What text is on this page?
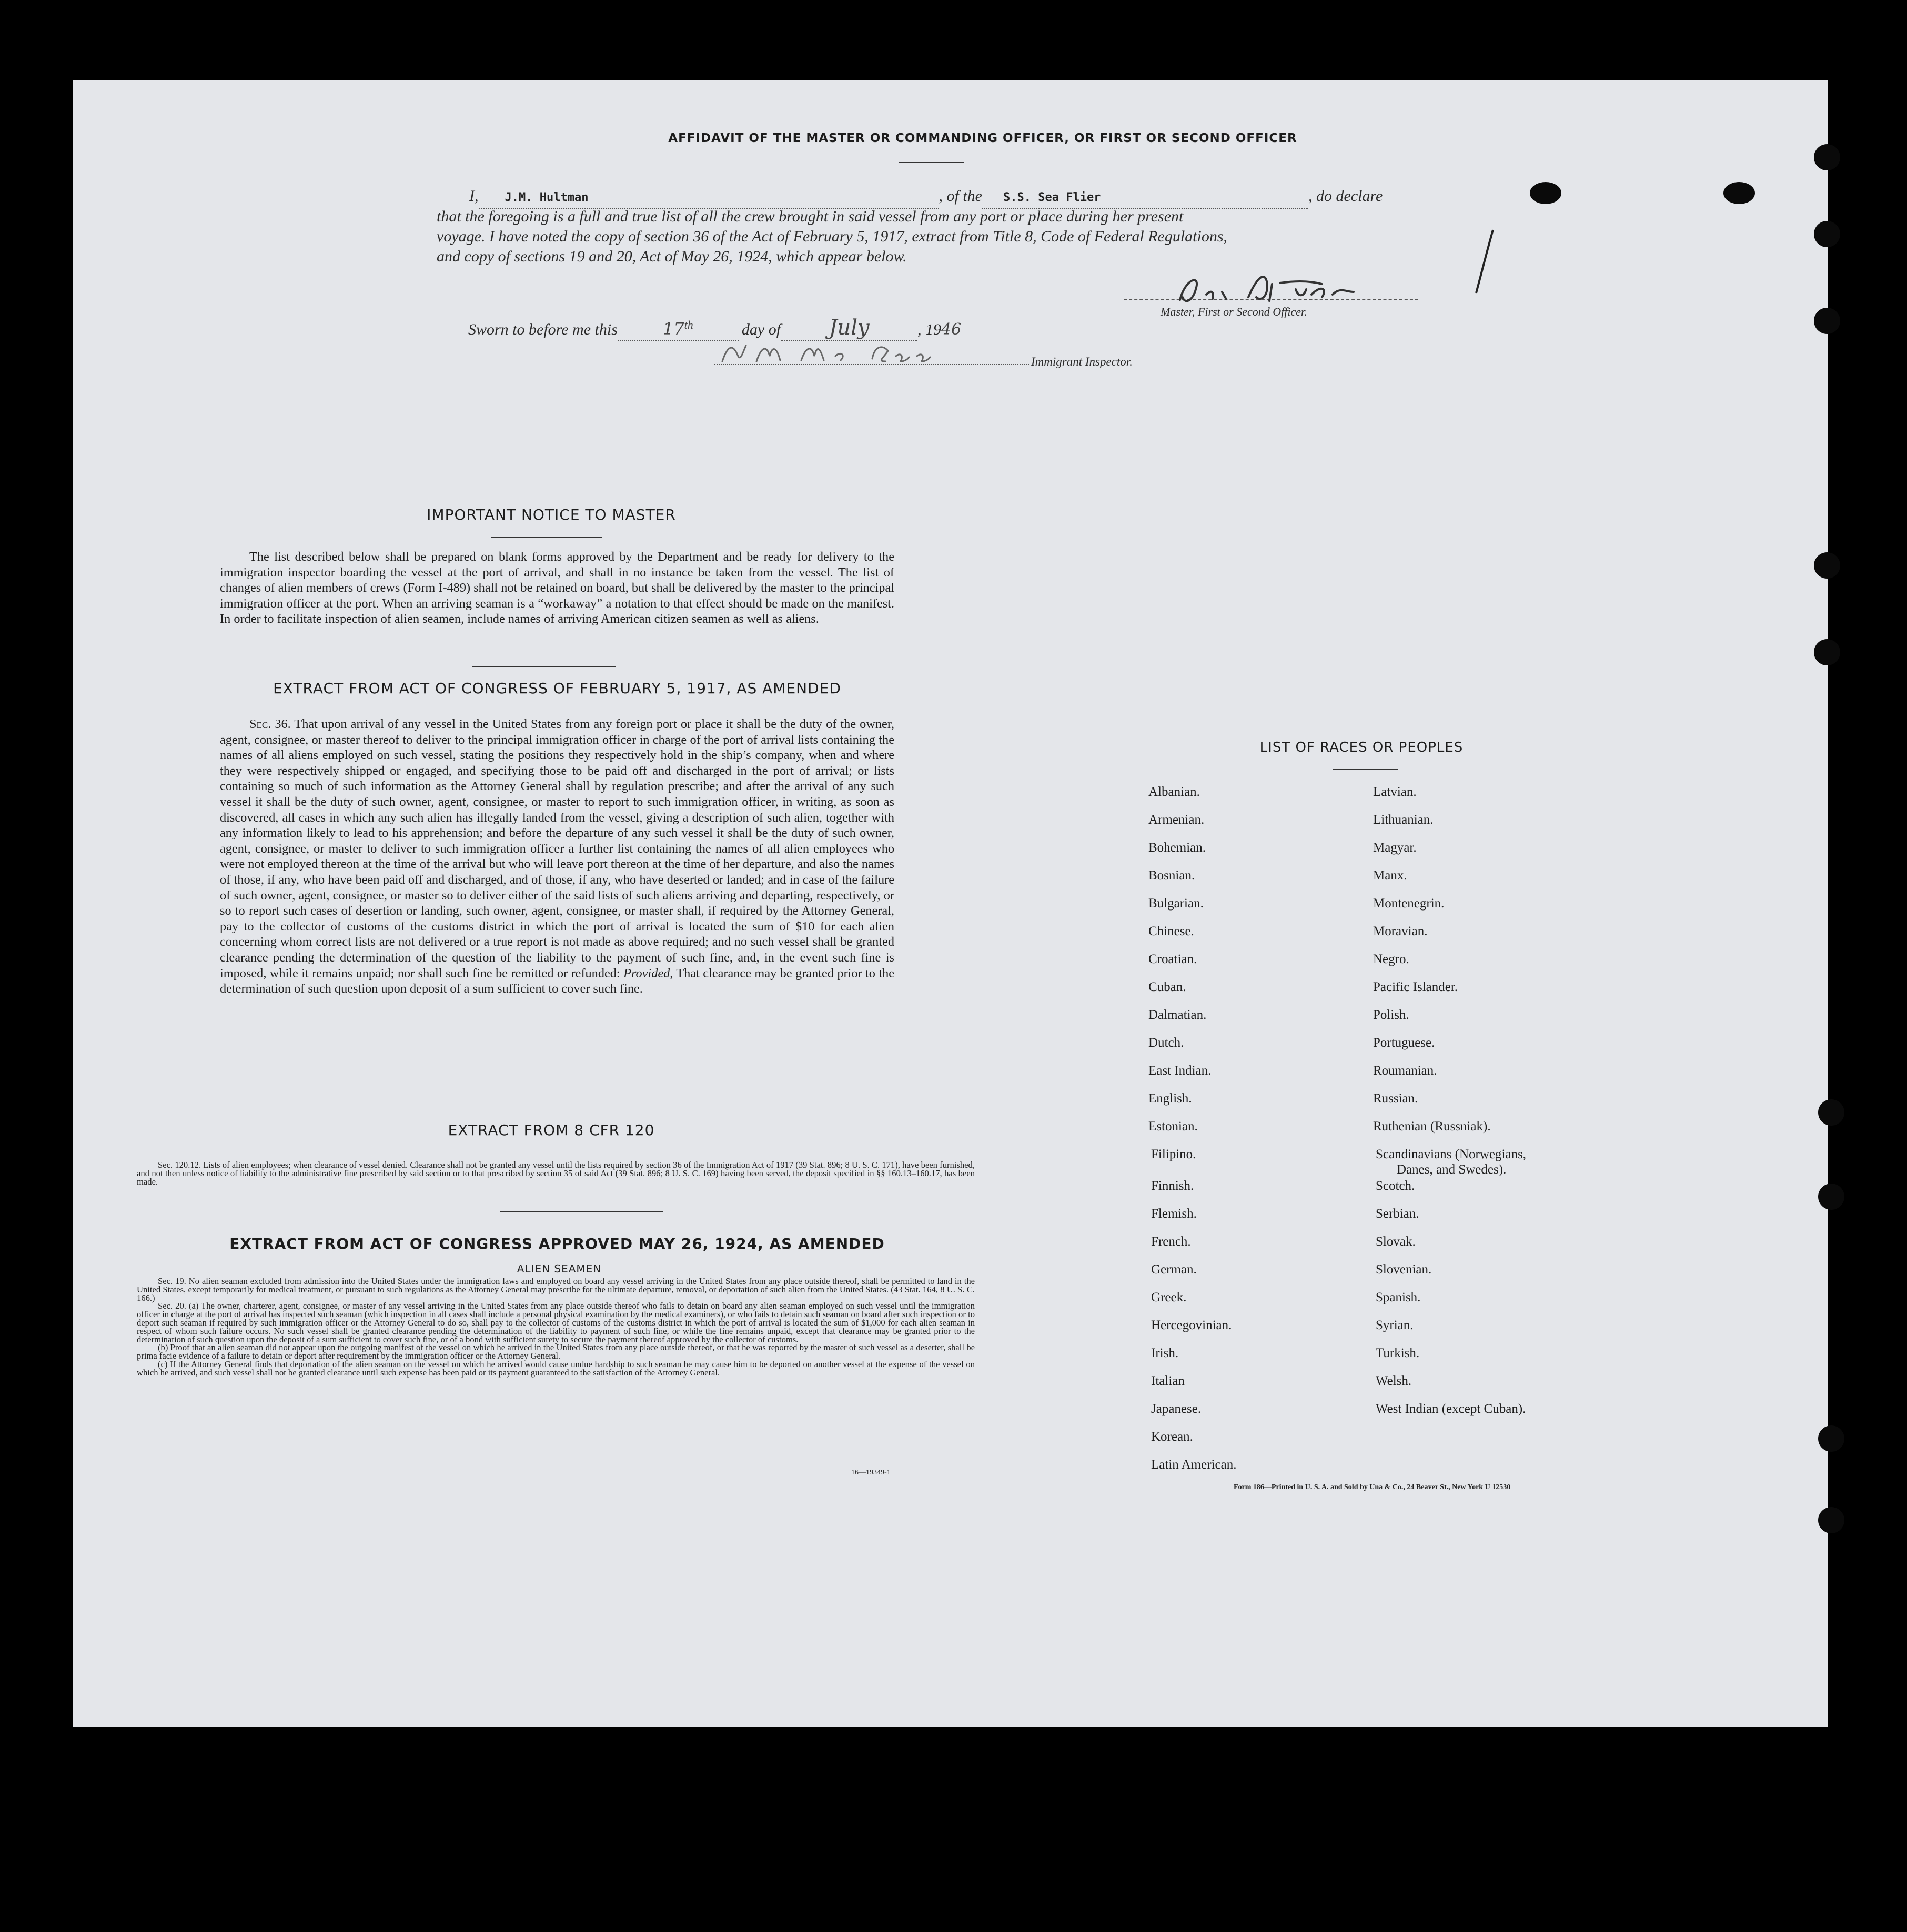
AFFIDAVIT OF THE MASTER OR COMMANDING OFFICER, OR FIRST OR SECOND OFFICER
I, J.M. Hultman	, of the S.S. Sea Flier	, do declare
that the foregoing is a full and true list of all the crew brought in said vessel from any port or place during her present
voyage. I have noted the copy of section 36 of the Act of February 5, 1917, extract from Title 8, Code of Federal Regulations,
and copy of sections 19 and 20, Act of May 26, 1924, which appear below.
Master, First or Second Officer.
Sworn to before me this	17th	day of July	, 1946
Immigrant Inspector.
IMPORTANT NOTICE TO MASTER

The list described below shall be prepared on blank forms approved by the Department and be ready for delivery to the immigration inspector boarding the vessel at the port of arrival, and shall in no instance be taken from the vessel. The list of changes of alien members of crews (Form I-489) shall not be retained on board, but shall be delivered by the master to the principal immigration officer at the port. When an arriving seaman is a “workaway” a notation to that effect should be made on the manifest. In order to facilitate inspection of alien seamen, include names of arriving American citizen seamen as well as aliens.

EXTRACT FROM ACT OF CONGRESS OF FEBRUARY 5, 1917, AS AMENDED

Sec. 36. That upon arrival of any vessel in the United States from any foreign port or place it shall be the duty of the owner, agent, consignee, or master thereof to deliver to the principal immigration officer in charge of the port of arrival lists containing the names of all aliens employed on such vessel, stating the positions they respectively hold in the ship’s company, when and where they were respectively shipped or engaged, and specifying those to be paid off and discharged in the port of arrival; or lists containing so much of such information as the Attorney General shall by regulation prescribe; and after the arrival of any such vessel it shall be the duty of such owner, agent, consignee, or master to report to such immigration officer, in writing, as soon as discovered, all cases in which any such alien has illegally landed from the vessel, giving a description of such alien, together with any information likely to lead to his apprehension; and before the departure of any such vessel it shall be the duty of such owner, agent, consignee, or master to deliver to such immigration officer a further list containing the names of all alien employees who were not employed thereon at the time of the arrival but who will leave port thereon at the time of her departure, and also the names of those, if any, who have been paid off and discharged, and of those, if any, who have deserted or landed; and in case of the failure of such owner, agent, consignee, or master so to deliver either of the said lists of such aliens arriving and departing, respectively, or so to report such cases of desertion or landing, such owner, agent, consignee, or master shall, if required by the Attorney General, pay to the collector of customs of the customs district in which the port of arrival is located the sum of $10 for each alien concerning whom correct lists are not delivered or a true report is not made as above required; and no such vessel shall be granted clearance pending the determination of the question of the liability to the payment of such fine, and, in the event such fine is imposed, while it remains unpaid; nor shall such fine be remitted or refunded: Provided, That clearance may be granted prior to the determination of such question upon deposit of a sum sufficient to cover such fine.

EXTRACT FROM 8 CFR 120

Sec. 120.12. Lists of alien employees; when clearance of vessel denied. Clearance shall not be granted any vessel until the lists required by section 36 of the Immigration Act of 1917 (39 Stat. 896; 8 U. S. C. 171), have been furnished, and not then unless notice of liability to the administrative fine prescribed by said section or to that prescribed by section 35 of said Act (39 Stat. 896; 8 U. S. C. 169) having been served, the deposit specified in §§ 160.13–160.17, has been made.

EXTRACT FROM ACT OF CONGRESS APPROVED MAY 26, 1924, AS AMENDED
ALIEN SEAMEN

Sec. 19. No alien seaman excluded from admission into the United States under the immigration laws and employed on board any vessel arriving in the United States from any place outside thereof, shall be permitted to land in the United States, except temporarily for medical treatment, or pursuant to such regulations as the Attorney General may prescribe for the ultimate departure, removal, or deportation of such alien from the United States. (43 Stat. 164, 8 U. S. C. 166.)

Sec. 20. (a) The owner, charterer, agent, consignee, or master of any vessel arriving in the United States from any place outside thereof who fails to detain on board any alien seaman employed on such vessel until the immigration officer in charge at the port of arrival has inspected such seaman (which inspection in all cases shall include a personal physical examination by the medical examiners), or who fails to detain such seaman on board after such inspection or to deport such seaman if required by such immigration officer or the Attorney General to do so, shall pay to the collector of customs of the customs district in which the port of arrival is located the sum of $1,000 for each alien seaman in respect of whom such failure occurs. No such vessel shall be granted clearance pending the determination of the liability to payment of such fine, or while the fine remains unpaid, except that clearance may be granted prior to the determination of such question upon the deposit of a sum sufficient to cover such fine, or of a bond with sufficient surety to secure the payment thereof approved by the collector of customs.

(b) Proof that an alien seaman did not appear upon the outgoing manifest of the vessel on which he arrived in the United States from any place outside thereof, or that he was reported by the master of such vessel as a deserter, shall be prima facie evidence of a failure to detain or deport after requirement by the immigration officer or the Attorney General.

(c) If the Attorney General finds that deportation of the alien seaman on the vessel on which he arrived would cause undue hardship to such seaman he may cause him to be deported on another vessel at the expense of the vessel on which he arrived, and such vessel shall not be granted clearance until such expense has been paid or its payment guaranteed to the satisfaction of the Attorney General.

16—19349-1
LIST OF RACES OR PEOPLES
Form 186—Printed in U. S. A. and Sold by Una & Co., 24 Beaver St., New York U 12530
Albanian.
Armenian.
Bohemian.
Bosnian.
Bulgarian.
Chinese.
Croatian.
Cuban.
Dalmatian.
Dutch.
East Indian.
English.
Estonian.
Filipino.
Finnish.
Flemish.
French.
German.
Greek.
Hercegovinian.
Irish.
Italian
Japanese.
Korean.
Latin American.
Latvian.
Lithuanian.
Magyar.
Manx.
Montenegrin.
Moravian.
Negro.
Pacific Islander.
Polish.
Portuguese.
Roumanian.
Russian.
Ruthenian (Russniak).
Scandinavians (Norwegians,
Danes, and Swedes).
Scotch.
Serbian.
Slovak.
Slovenian.
Spanish.
Syrian.
Turkish.
Welsh.
West Indian (except Cuban).
